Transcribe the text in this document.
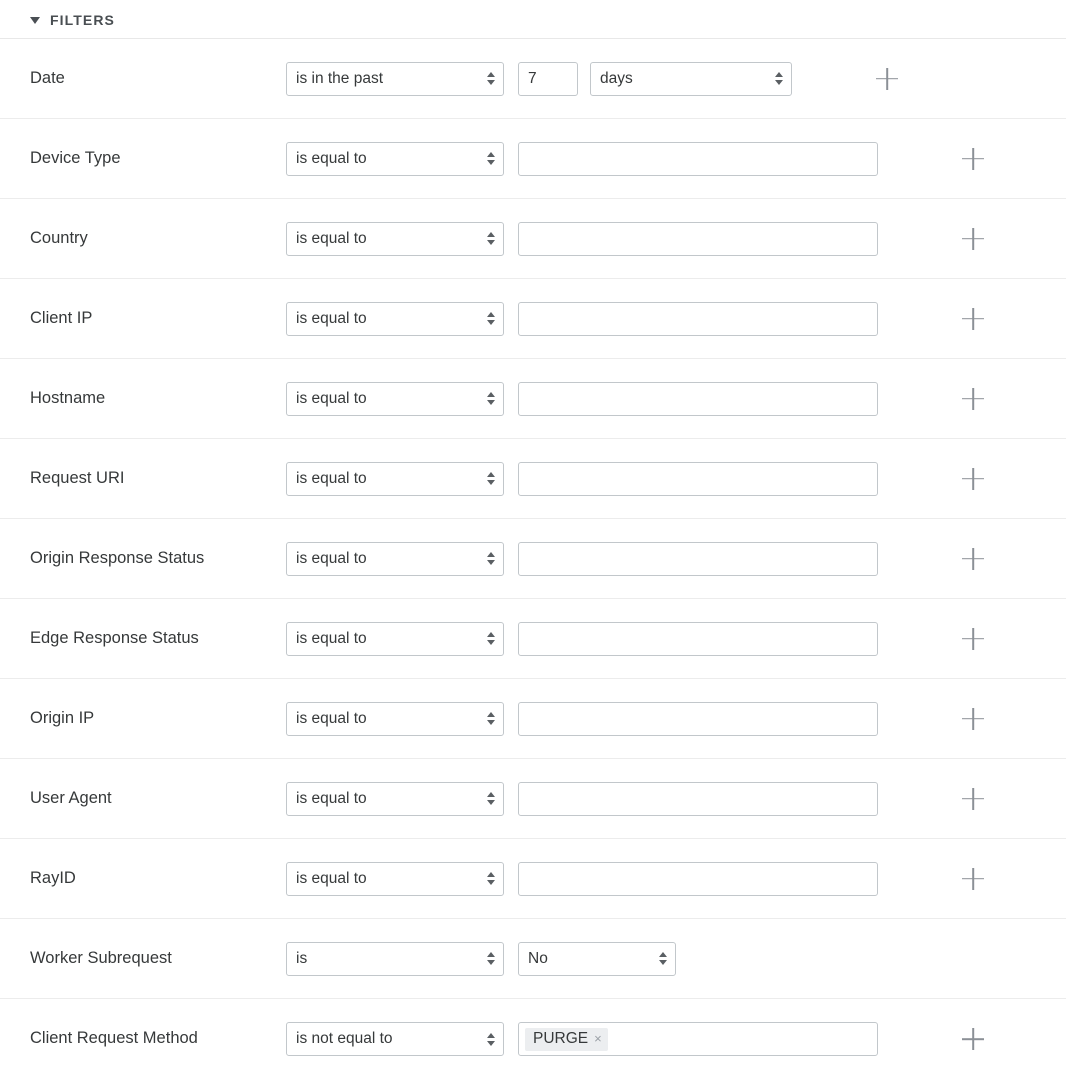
FILTERS
Date
is in the past
7
days
Device Type
is equal to
Country
is equal to
Client IP
is equal to
Hostname
is equal to
Request URI
is equal to
Origin Response Status
is equal to
Edge Response Status
is equal to
Origin IP
is equal to
User Agent
is equal to
RayID
is equal to
Worker Subrequest
is
No
Client Request Method
is not equal to	PURGE ×
